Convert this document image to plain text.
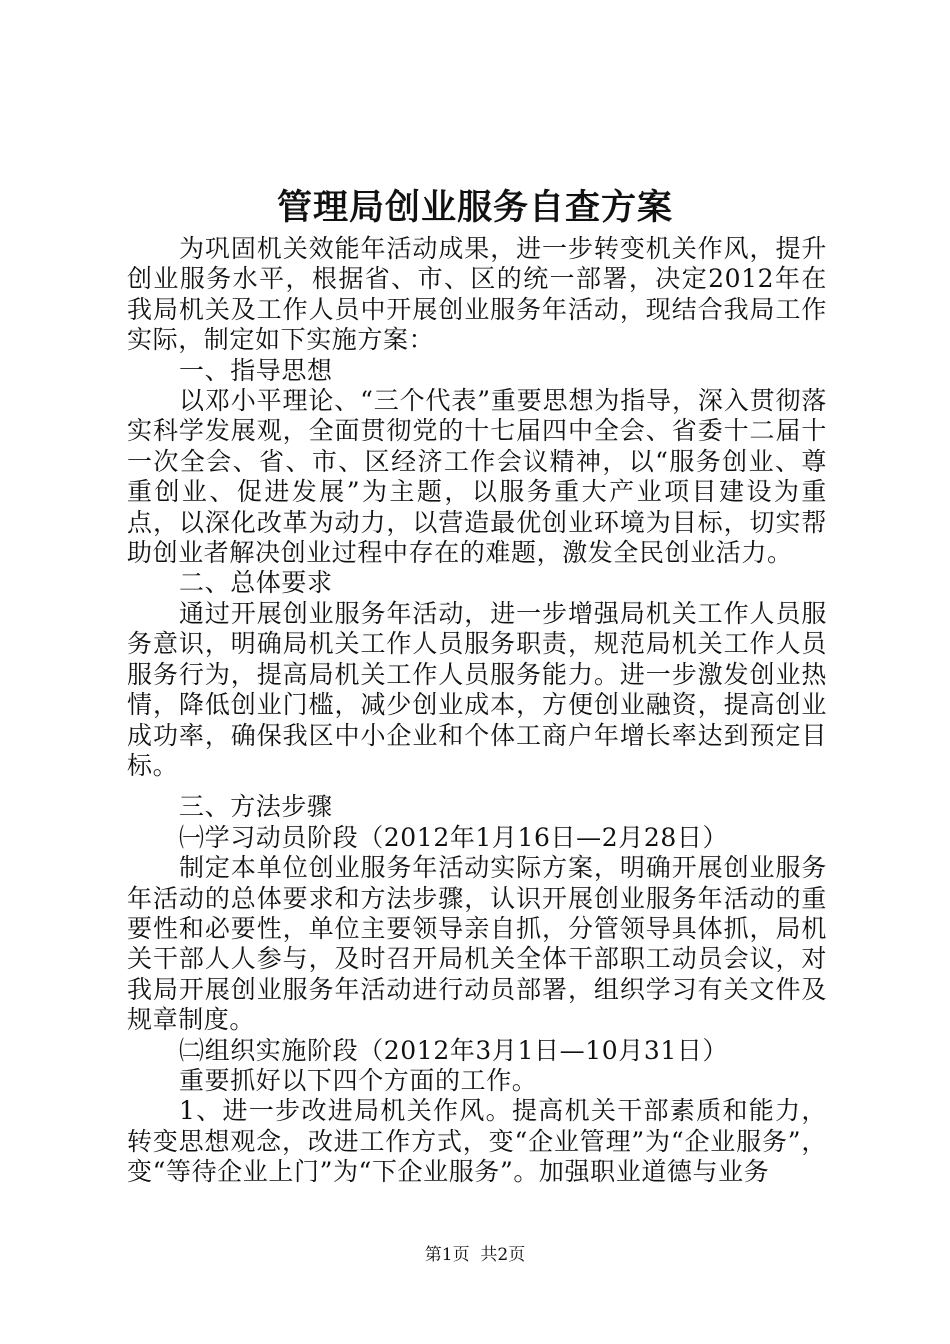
管理局创业服务自查方案

为巩固机关效能年活动成果，进一步转变机关作风，提升创业服务水平，根据省、市、区的统一部署，决定2012年在我局机关及工作人员中开展创业服务年活动，现结合我局工作实际，制定如下实施方案：

一、指导思想

以邓小平理论、“三个代表”重要思想为指导，深入贯彻落实科学发展观，全面贯彻党的十七届四中全会、省委十二届十一次全会、省、市、区经济工作会议精神，以“服务创业、尊重创业、促进发展”为主题，以服务重大产业项目建设为重点，以深化改革为动力，以营造最优创业环境为目标，切实帮助创业者解决创业过程中存在的难题，激发全民创业活力。

二、总体要求

通过开展创业服务年活动，进一步增强局机关工作人员服务意识，明确局机关工作人员服务职责，规范局机关工作人员服务行为，提高局机关工作人员服务能力。进一步激发创业热情，降低创业门槛，减少创业成本，方便创业融资，提高创业成功率，确保我区中小企业和个体工商户年增长率达到预定目标。

三、方法步骤

㈠学习动员阶段（2012年1月16日—2月28日）

制定本单位创业服务年活动实际方案，明确开展创业服务年活动的总体要求和方法步骤，认识开展创业服务年活动的重要性和必要性，单位主要领导亲自抓，分管领导具体抓，局机关干部人人参与，及时召开局机关全体干部职工动员会议，对我局开展创业服务年活动进行动员部署，组织学习有关文件及规章制度。

㈡组织实施阶段（2012年3月1日—10月31日）

重要抓好以下四个方面的工作。

1、进一步改进局机关作风。提高机关干部素质和能力，转变思想观念，改进工作方式，变“企业管理”为“企业服务”，变“等待企业上门”为“下企业服务”。加强职业道德与业务

第1页 共2页
